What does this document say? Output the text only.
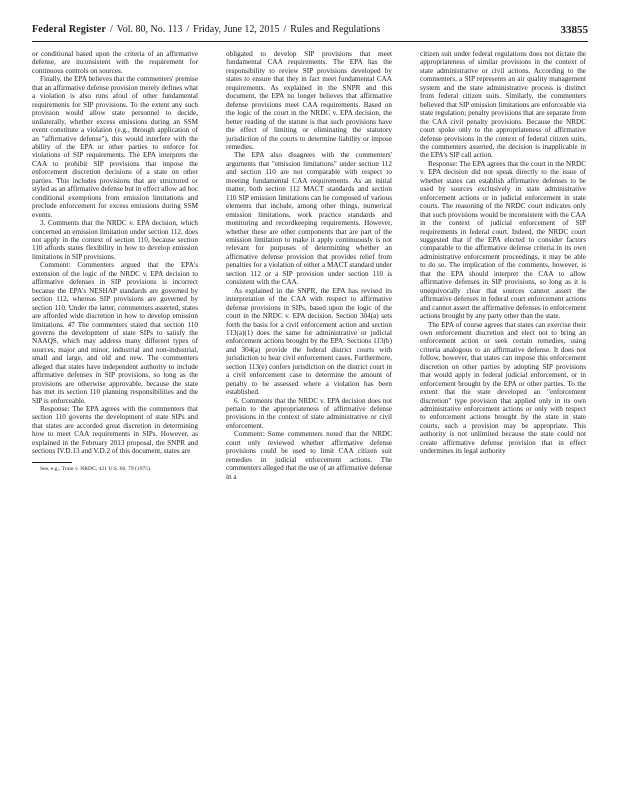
Federal Register / Vol. 80, No. 113 / Friday, June 12, 2015 / Rules and Regulations	33855

or conditional based upon the criteria of an affirmative defense, are inconsistent with the requirement for continuous controls on sources.

Finally, the EPA believes that the commenters' premise that an affirmative defense provision merely defines what a violation is also runs afoul of other fundamental requirements for SIP provisions. To the extent any such provision would allow state personnel to decide, unilaterally, whether excess emissions during an SSM event constitute a violation (e.g., through application of an "affirmative defense"), this would interfere with the ability of the EPA or other parties to enforce for violations of SIP requirements. The EPA interprets the CAA to prohibit SIP provisions that impose the enforcement discretion decisions of a state on other parties. This includes provisions that are structured or styled as an affirmative defense but in effect allow ad hoc conditional exemptions from emission limitations and preclude enforcement for excess emissions during SSM events.

3. Comments that the NRDC v. EPA decision, which concerned an emission limitation under section 112, does not apply in the context of section 110, because section 110 affords states flexibility in how to develop emission limitations in SIP provisions.

Comment: Commenters argued that the EPA's extension of the logic of the NRDC v. EPA decision to affirmative defenses in SIP provisions is incorrect because the EPA's NESHAP standards are governed by section 112, whereas SIP provisions are governed by section 110. Under the latter, commenters asserted, states are afforded wide discretion in how to develop emission limitations. 47 The commenters stated that section 110 governs the development of state SIPs to satisfy the NAAQS, which may address many different types of sources, major and minor, industrial and non-industrial, small and large, and old and new. The commenters alleged that states have independent authority to include affirmative defenses in SIP provisions, so long as the provisions are otherwise approvable, because the state has met its section 110 planning responsibilities and the SIP is enforceable.

Response: The EPA agrees with the commenters that section 110 governs the development of state SIPs and that states are accorded great discretion in determining how to meet CAA requirements in SIPs. However, as explained in the February 2013 proposal, the SNPR and sections IV.D.13 and V.D.2 of this document, states are

See, e.g., Train v. NRDC, 421 U.S. 60, 79 (1975).

obligated to develop SIP provisions that meet fundamental CAA requirements. The EPA has the responsibility to review SIP provisions developed by states to ensure that they in fact meet fundamental CAA requirements. As explained in the SNPR and this document, the EPA no longer believes that affirmative defense provisions meet CAA requirements. Based on the logic of the court in the NRDC v. EPA decision, the better reading of the statute is that such provisions have the effect of limiting or eliminating the statutory jurisdiction of the courts to determine liability or impose remedies.

The EPA also disagrees with the commenters' arguments that "emission limitations" under section 112 and section 110 are not comparable with respect to meeting fundamental CAA requirements. As an initial matter, both section 112 MACT standards and section 110 SIP emission limitations can be composed of various elements that include, among other things, numerical emission limitations, work practice standards and monitoring and recordkeeping requirements. However, whether these are other components that are part of the emission limitation to make it apply continuously is not relevant for purposes of determining whether an affirmative defense provision that provides relief from penalties for a violation of either a MACT standard under section 112 or a SIP provision under section 110 is consistent with the CAA.

As explained in the SNPR, the EPA has revised its interpretation of the CAA with respect to affirmative defense provisions in SIPs, based upon the logic of the court in the NRDC v. EPA decision. Section 304(a) sets forth the basis for a civil enforcement action and section 113(a)(1) does the same for administrative or judicial enforcement actions brought by the EPA. Sections 113(b) and 304(a) provide the federal district courts with jurisdiction to hear civil enforcement cases. Furthermore, section 113(e) confers jurisdiction on the district court in a civil enforcement case to determine the amount of penalty to be assessed where a violation has been established.

6. Comments that the NRDC v. EPA decision does not pertain to the appropriateness of affirmative defense provisions in the context of state administrative or civil enforcement.

Comment: Some commenters noted that the NRDC court only reviewed whether affirmative defense provisions could be used to limit CAA citizen suit remedies in judicial enforcement actions. The commenters alleged that the use of an affirmative defense in a

citizen suit under federal regulations does not dictate the appropriateness of similar provisions in the context of state administrative or civil actions. According to the commenters, a SIP represents an air quality management system and the state administrative process is distinct from federal citizen suits. Similarly, the commenters believed that SIP emission limitations are enforceable via state regulation; penalty provisions that are separate from the CAA civil penalty provisions. Because the NRDC court spoke only to the appropriateness of affirmative defense provisions in the context of federal citizen suits, the commenters asserted, the decision is inapplicable in the EPA's SIP call action.

Response: The EPA agrees that the court in the NRDC v. EPA decision did not speak directly to the issue of whether states can establish affirmative defenses to be used by sources exclusively in state administrative enforcement actions or in judicial enforcement in state courts. The reasoning of the NRDC court indicates only that such provisions would be inconsistent with the CAA in the context of judicial enforcement of SIP requirements in federal court. Indeed, the NRDC court suggested that if the EPA elected to consider factors comparable to the affirmative defense criteria in its own administrative enforcement proceedings, it may be able to do so. The implication of the comments, however, is that the EPA should interpret the CAA to allow affirmative defenses in SIP provisions, so long as it is unequivocally clear that sources cannot assert the affirmative defenses in federal court enforcement actions and cannot assert the affirmative defenses in enforcement actions brought by any party other than the state.

The EPA of course agrees that states can exercise their own enforcement discretion and elect not to bring an enforcement action or seek certain remedies, using criteria analogous to an affirmative defense. It does not follow, however, that states can impose this enforcement discretion on other parties by adopting SIP provisions that would apply in federal judicial enforcement, or in enforcement brought by the EPA or other parties. To the extent that the state developed an "enforcement discretion" type provision that applied only in its own administrative enforcement actions or only with respect to enforcement actions brought by the state in state courts, such a provision may be appropriate. This authority is not unlimited because the state could not create affirmative defense provision that in effect undermines its legal authority
